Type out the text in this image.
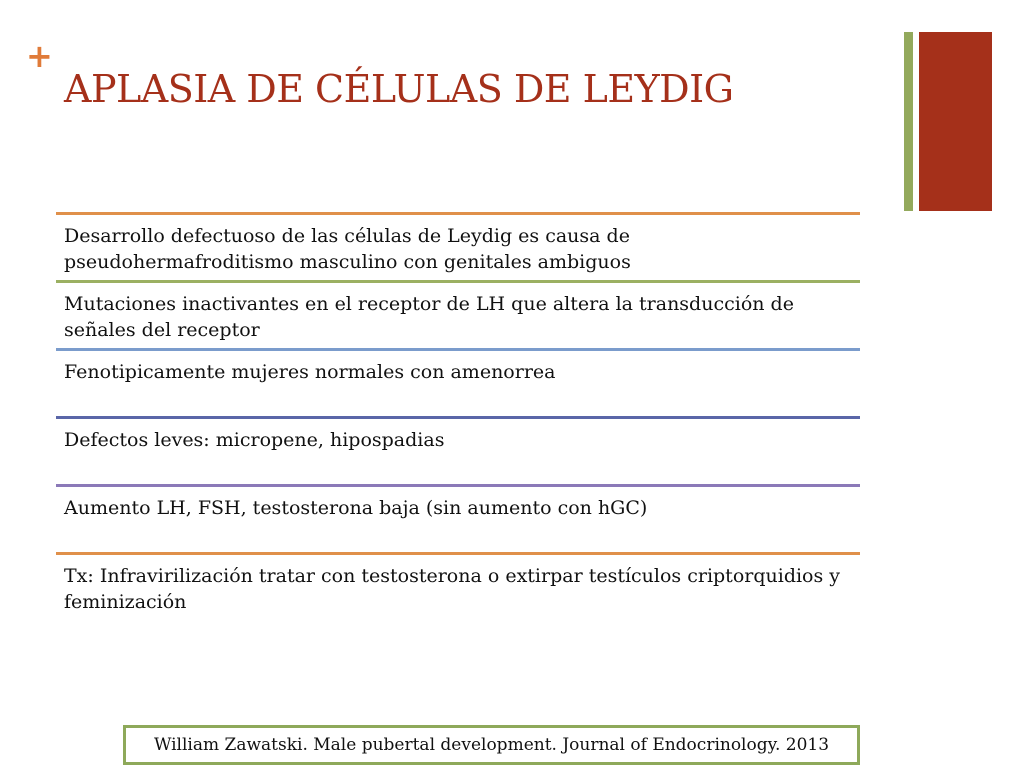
+
APLASIA DE CÉLULAS DE LEYDIG
Desarrollo defectuoso de las células de Leydig es causa de pseudohermafroditismo masculino con genitales ambiguos
Mutaciones inactivantes en el receptor de LH que altera la transducción de señales del receptor
Fenotipicamente mujeres normales con amenorrea
Defectos leves: micropene, hipospadias
Aumento LH, FSH, testosterona baja (sin aumento con hGC)
Tx: Infravirilización tratar con testosterona o extirpar testículos criptorquidios y feminización
William Zawatski. Male pubertal development. Journal of Endocrinology. 2013
